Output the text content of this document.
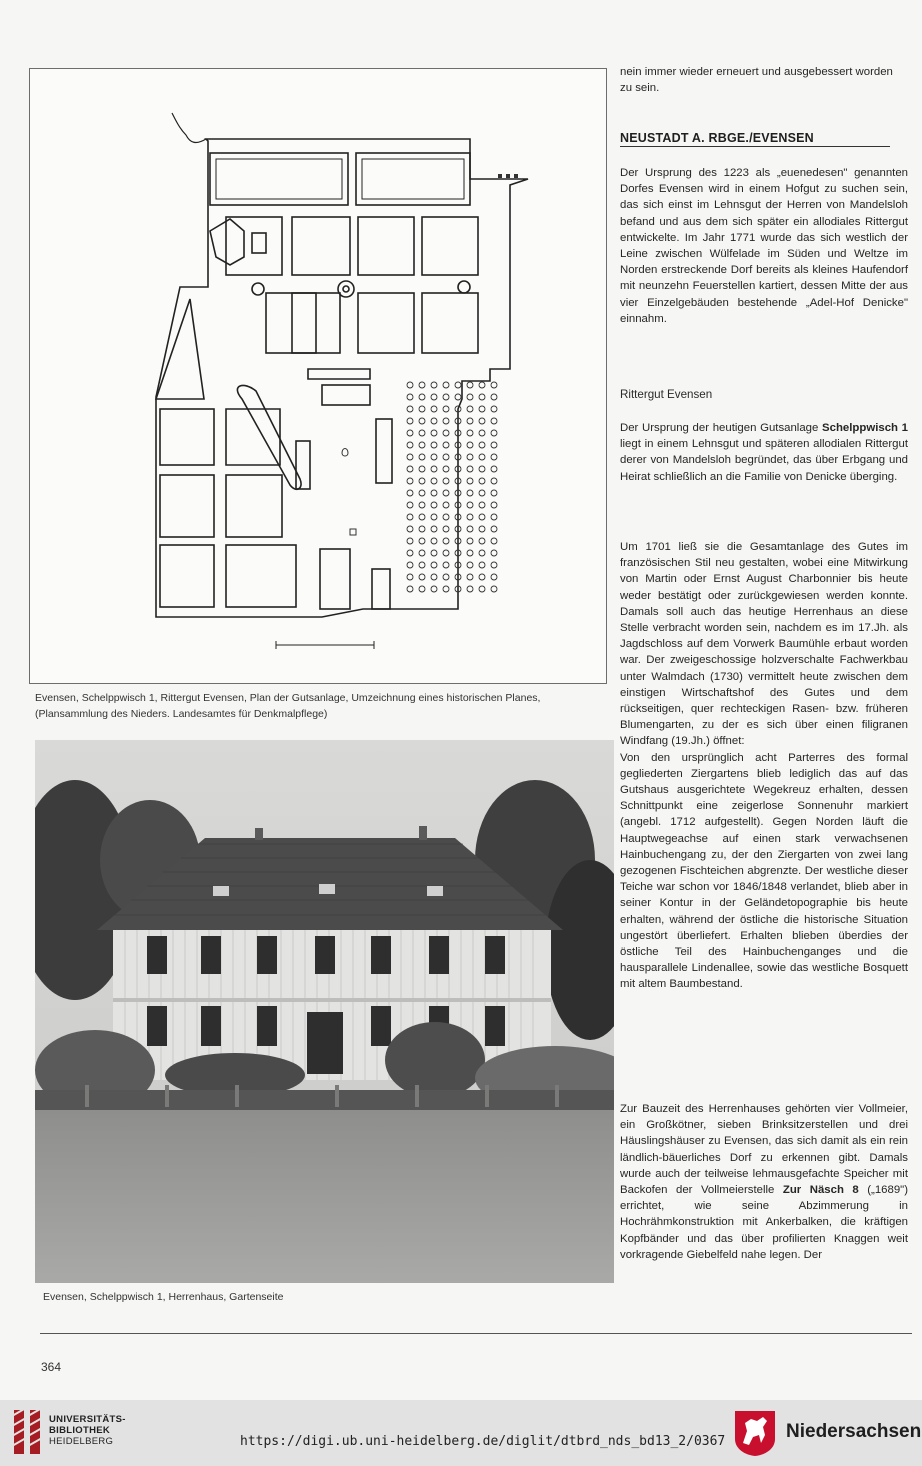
Evensen, Schelppwisch 1, Rittergut Evensen, Plan der Gutsanlage, Umzeichnung eines historischen Planes, (Plansammlung des Nieders. Landesamtes für Denkmalpflege)
Evensen, Schelppwisch 1, Herrenhaus, Gartenseite

nein immer wieder erneuert und ausgebessert worden zu sein.

NEUSTADT A. RBGE./EVENSEN

Der Ursprung des 1223 als „euenedesen" genannten Dorfes Evensen wird in einem Hofgut zu suchen sein, das sich einst im Lehnsgut der Herren von Mandelsloh befand und aus dem sich später ein allodiales Rittergut entwickelte. Im Jahr 1771 wurde das sich westlich der Leine zwischen Wülfelade im Süden und Weltze im Norden erstreckende Dorf bereits als kleines Haufendorf mit neunzehn Feuerstellen kartiert, dessen Mitte der aus vier Einzelgebäuden bestehende „Adel-Hof Denicke" einnahm.

Rittergut Evensen

Der Ursprung der heutigen Gutsanlage Schelppwisch 1 liegt in einem Lehnsgut und späteren allodialen Rittergut derer von Mandelsloh begründet, das über Erbgang und Heirat schließlich an die Familie von Denicke überging.

Um 1701 ließ sie die Gesamtanlage des Gutes im französischen Stil neu gestalten, wobei eine Mitwirkung von Martin oder Ernst August Charbonnier bis heute weder bestätigt oder zurückgewiesen werden konnte. Damals soll auch das heutige Herrenhaus an diese Stelle verbracht worden sein, nachdem es im 17.Jh. als Jagdschloss auf dem Vorwerk Baumühle erbaut worden war. Der zweigeschossige holzverschalte Fachwerkbau unter Walmdach (1730) vermittelt heute zwischen dem einstigen Wirtschaftshof des Gutes und dem rückseitigen, quer rechteckigen Rasen- bzw. früheren Blumengarten, zu der es sich über einen filigranen Windfang (19.Jh.) öffnet:

Von den ursprünglich acht Parterres des formal gegliederten Ziergartens blieb lediglich das auf das Gutshaus ausgerichtete Wegekreuz erhalten, dessen Schnittpunkt eine zeigerlose Sonnenuhr markiert (angebl. 1712 aufgestellt). Gegen Norden läuft die Hauptwegeachse auf einen stark verwachsenen Hainbuchengang zu, der den Ziergarten von zwei lang gezogenen Fischteichen abgrenzte. Der westliche dieser Teiche war schon vor 1846/1848 verlandet, blieb aber in seiner Kontur in der Geländetopographie bis heute erhalten, während der östliche die historische Situation ungestört überliefert. Erhalten blieben überdies der östliche Teil des Hainbuchenganges und die hausparallele Lindenallee, sowie das westliche Bosquett mit altem Baumbestand.

Zur Bauzeit des Herrenhauses gehörten vier Vollmeier, ein Großkötner, sieben Brinksitzerstellen und drei Häuslingshäuser zu Evensen, das sich damit als ein rein ländlich-bäuerliches Dorf zu erkennen gibt. Damals wurde auch der teilweise lehmausgefachte Speicher mit Backofen der Vollmeierstelle Zur Näsch 8 („1689") errichtet, wie seine Abzimmerung in Hochrähmkonstruktion mit Ankerbalken, die kräftigen Kopfbänder und das über profilierten Knaggen weit vorkragende Giebelfeld nahe legen. Der

364
UNIVERSITÄTS-
BIBLIOTHEK
HEIDELBERG	https://digi.ub.uni-heidelberg.de/diglit/dtbrd_nds_bd13_2/0367	Niedersachsen
